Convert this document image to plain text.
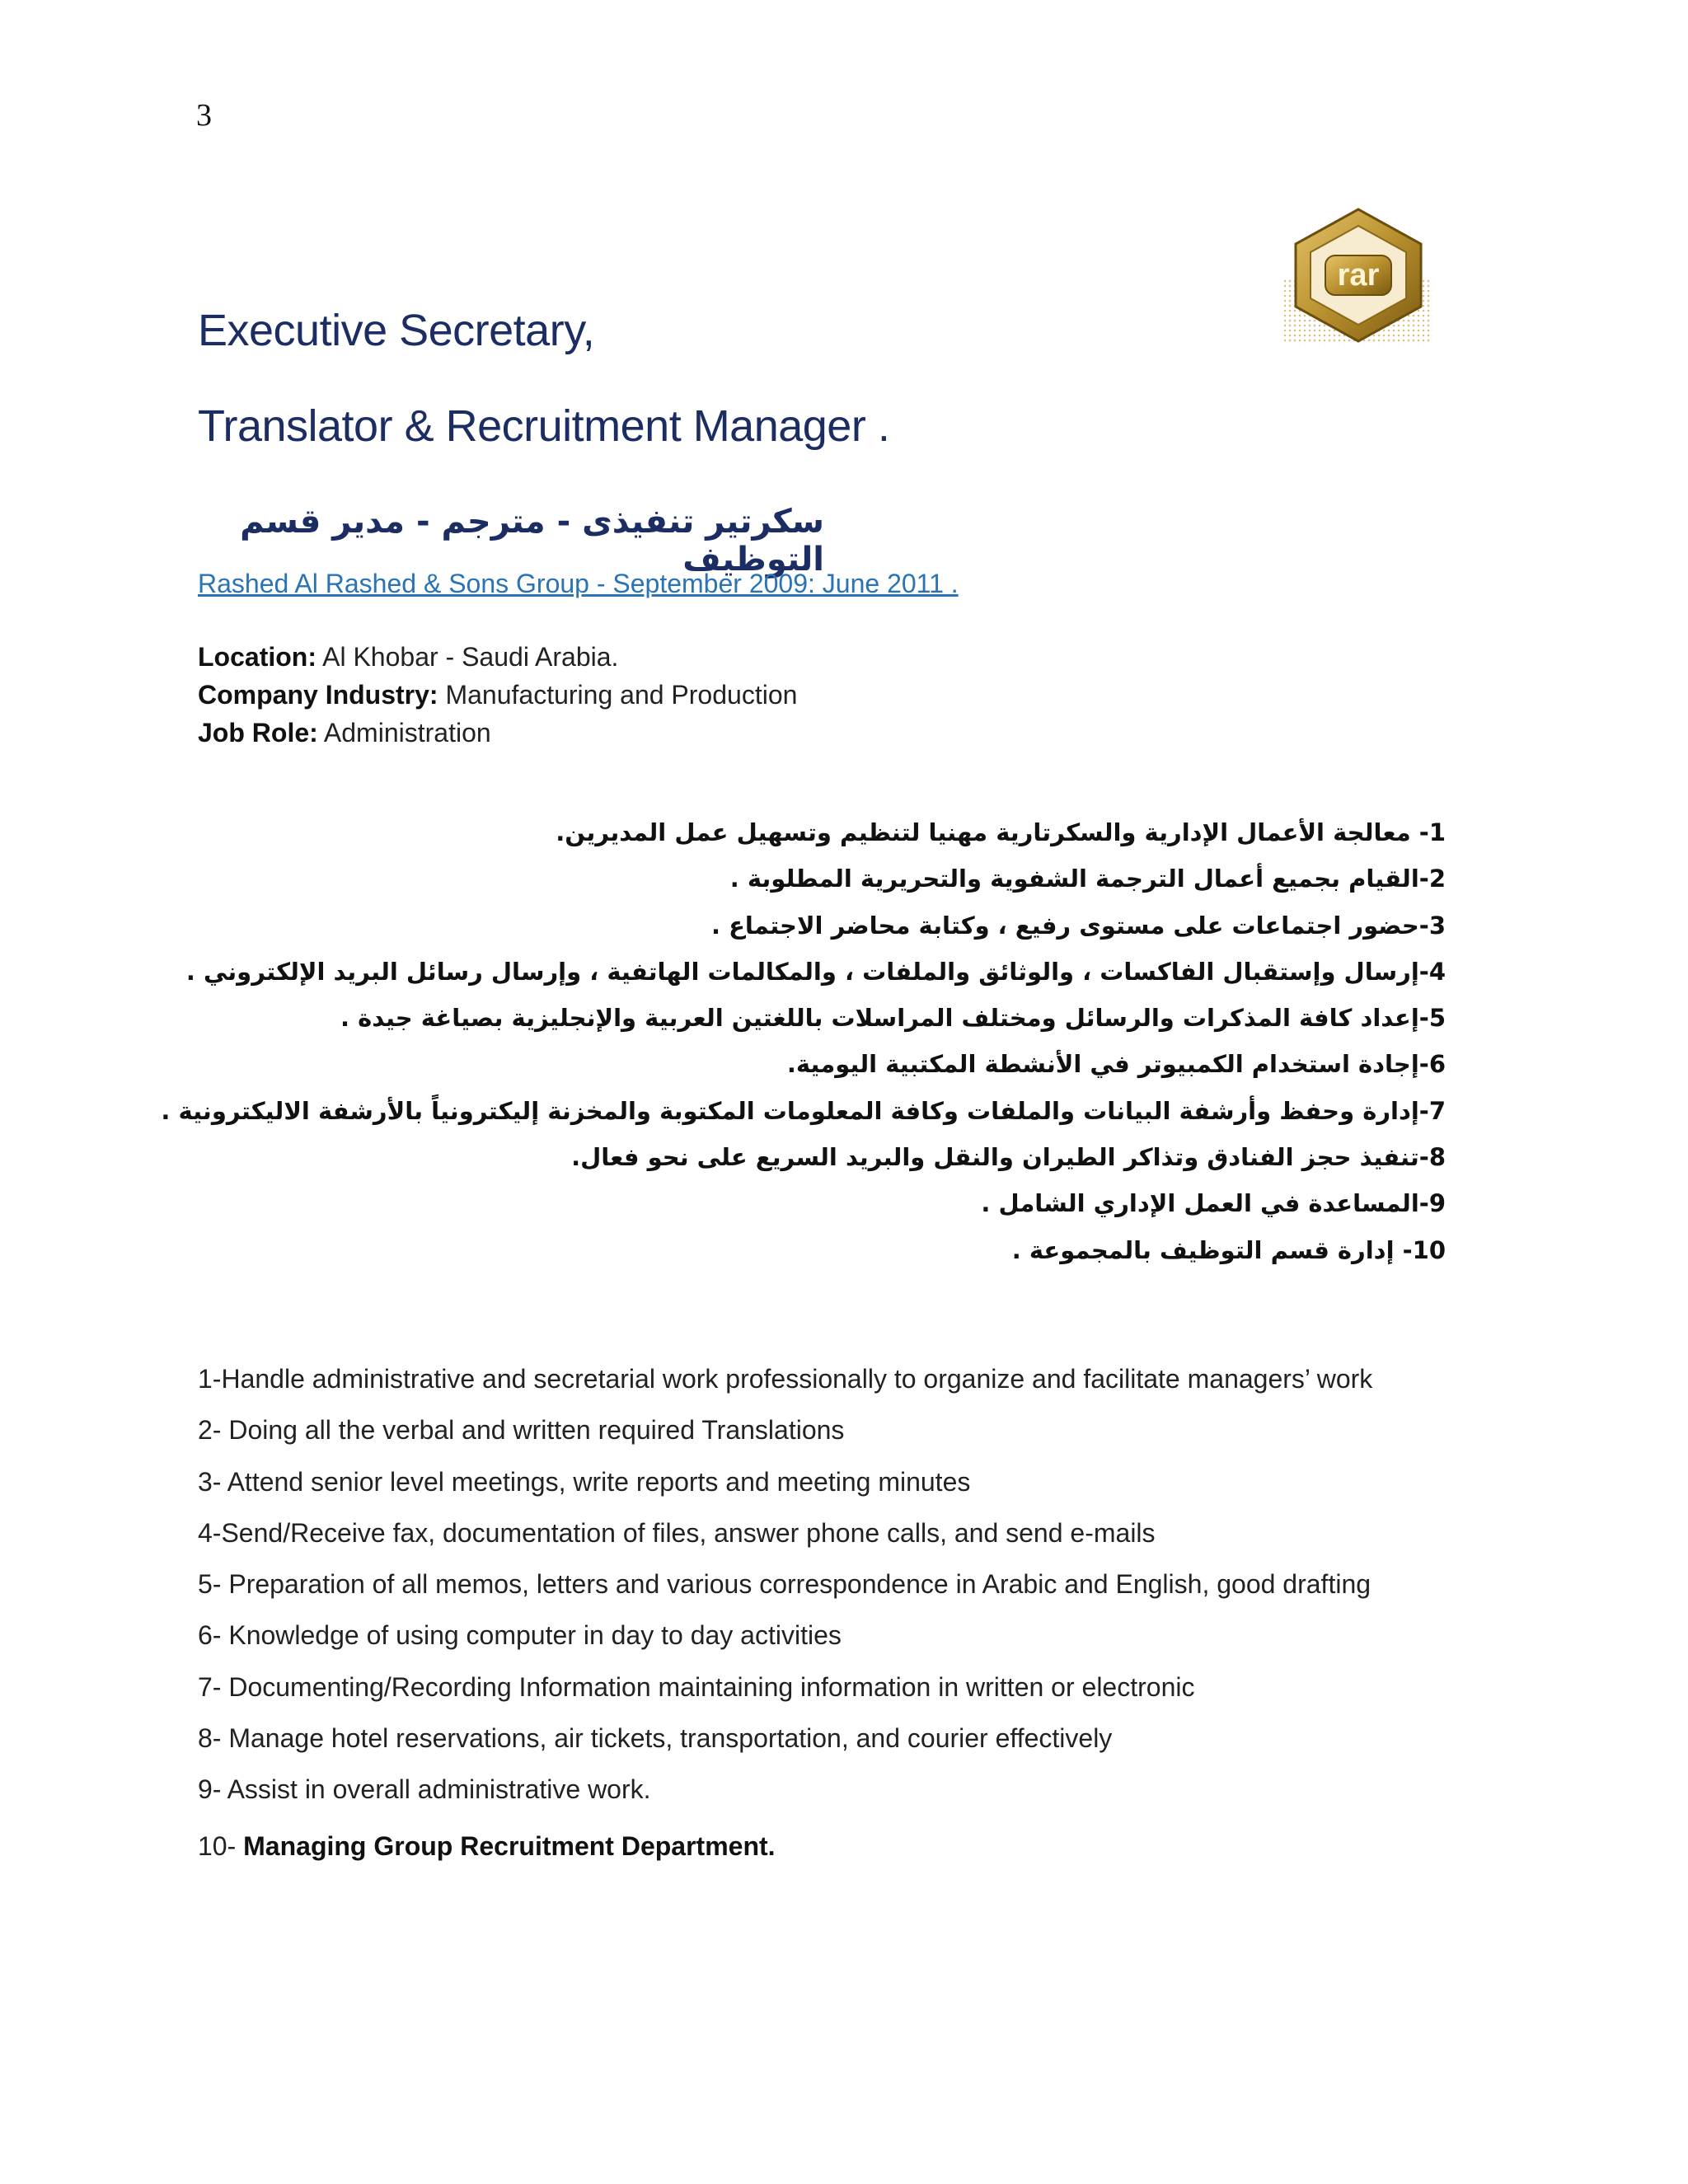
3
rar
Executive Secretary,
Translator & Recruitment Manager .
سكرتير تنفيذى - مترجم - مدير قسم التوظيف
Rashed Al Rashed & Sons Group - September 2009: June 2011 .
Location: Al Khobar - Saudi Arabia.
Company Industry: Manufacturing and Production
Job Role: Administration
1- معالجة الأعمال الإدارية والسكرتارية مهنيا لتنظيم وتسهيل عمل المديرين.
2-القيام بجميع أعمال الترجمة الشفوية والتحريرية المطلوبة .
3-حضور اجتماعات على مستوى رفيع ، وكتابة محاضر الاجتماع .
4-إرسال وإستقبال الفاكسات ، والوثائق والملفات ، والمكالمات الهاتفية ، وإرسال رسائل البريد الإلكتروني .
5-إعداد كافة المذكرات والرسائل ومختلف المراسلات باللغتين العربية والإنجليزية بصياغة جيدة .
6-إجادة استخدام الكمبيوتر في الأنشطة المكتبية اليومية.
7-إدارة وحفظ وأرشفة البيانات والملفات وكافة المعلومات المكتوبة والمخزنة إليكترونياً بالأرشفة الاليكترونية .
8-تنفيذ حجز الفنادق وتذاكر الطيران والنقل والبريد السريع على نحو فعال.
9-المساعدة في العمل الإداري الشامل .
10- إدارة قسم التوظيف بالمجموعة .
1-Handle administrative and secretarial work professionally to organize and facilitate managers’ work
2- Doing all the verbal and written required Translations
3- Attend senior level meetings, write reports and meeting minutes
4-Send/Receive fax, documentation of files, answer phone calls, and send e-mails
5- Preparation of all memos, letters and various correspondence in Arabic and English, good drafting
6- Knowledge of using computer in day to day activities
7- Documenting/Recording Information maintaining information in written or electronic
8- Manage hotel reservations, air tickets, transportation, and courier effectively
9- Assist in overall administrative work.
10- Managing Group Recruitment Department.
